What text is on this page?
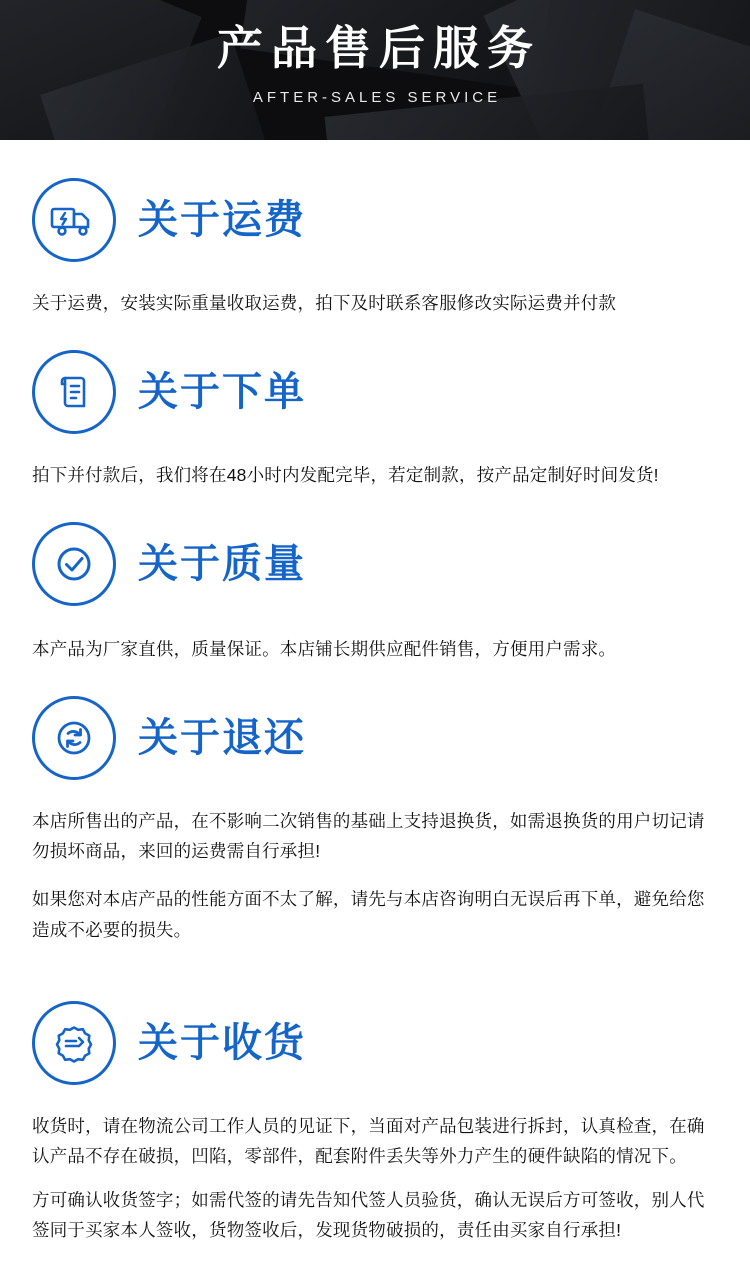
产品售后服务
AFTER-SALES SERVICE
关于运费

关于运费，安装实际重量收取运费，拍下及时联系客服修改实际运费并付款

关于下单

拍下并付款后，我们将在48小时内发配完毕，若定制款，按产品定制好时间发货!

关于质量

本产品为厂家直供，质量保证。本店铺长期供应配件销售，方便用户需求。

关于退还

本店所售出的产品，在不影响二次销售的基础上支持退换货，如需退换货的用户切记请勿损坏商品，来回的运费需自行承担!

如果您对本店产品的性能方面不太了解，请先与本店咨询明白无误后再下单，避免给您造成不必要的损失。

关于收货

收货时，请在物流公司工作人员的见证下，当面对产品包装进行拆封，认真检查，在确认产品不存在破损，凹陷，零部件，配套附件丢失等外力产生的硬件缺陷的情况下。

方可确认收货签字；如需代签的请先告知代签人员验货，确认无误后方可签收，别人代签同于买家本人签收，货物签收后，发现货物破损的，责任由买家自行承担!
